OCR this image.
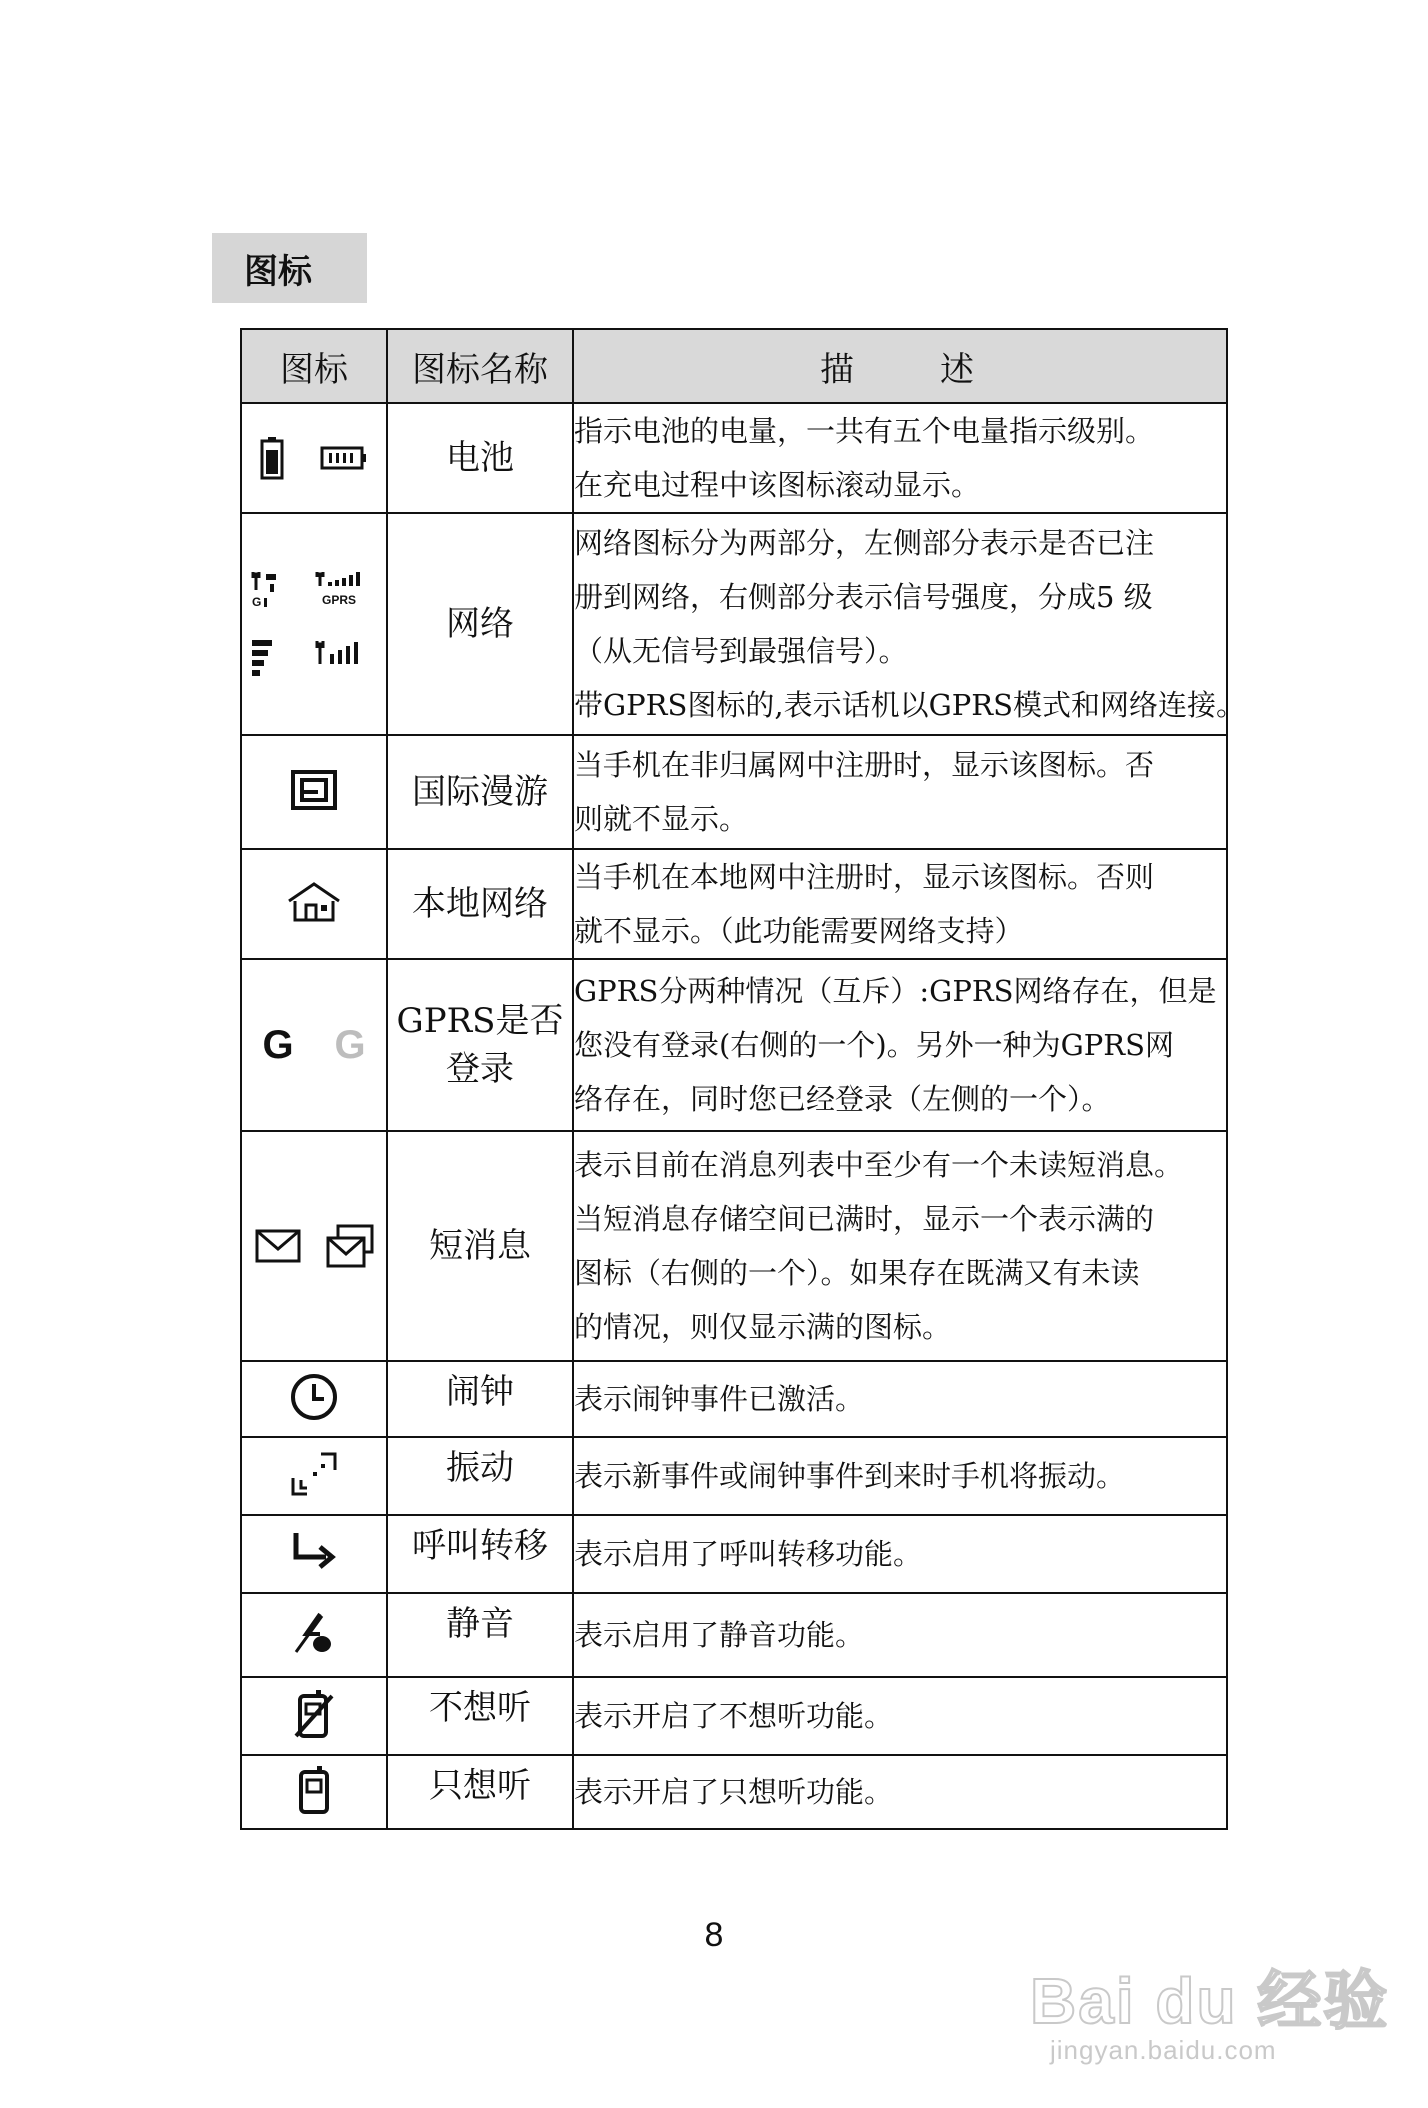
图标
图标	图标名称	描　　述

	电池	指示电池的电量，一共有五个电量指示级别。
在充电过程中该图标滚动显示。

G GPRS	网络	网络图标分为两部分，左侧部分表示是否已注
册到网络，右侧部分表示信号强度，分成5 级
（从无信号到最强信号）。
带GPRS图标的,表示话机以GPRS模式和网络连接。

	国际漫游	当手机在非归属网中注册时，显示该图标。否
则就不显示。

	本地网络	当手机在本地网中注册时，显示该图标。否则
就不显示。（此功能需要网络支持）

G G	GPRS是否
登录	GPRS分两种情况（互斥）:GPRS网络存在，但是
您没有登录(右侧的一个)。另外一种为GPRS网
络存在，同时您已经登录（左侧的一个）。

	短消息	表示目前在消息列表中至少有一个未读短消息。
当短消息存储空间已满时，显示一个表示满的
图标（右侧的一个）。如果存在既满又有未读
的情况，则仅显示满的图标。

	闹钟	表示闹钟事件已激活。

	振动	表示新事件或闹钟事件到来时手机将振动。

	呼叫转移	表示启用了呼叫转移功能。

	静音	表示启用了静音功能。

	不想听	表示开启了不想听功能。

	只想听	表示开启了只想听功能。
8
Bai du 经验
jingyan.baidu.com
